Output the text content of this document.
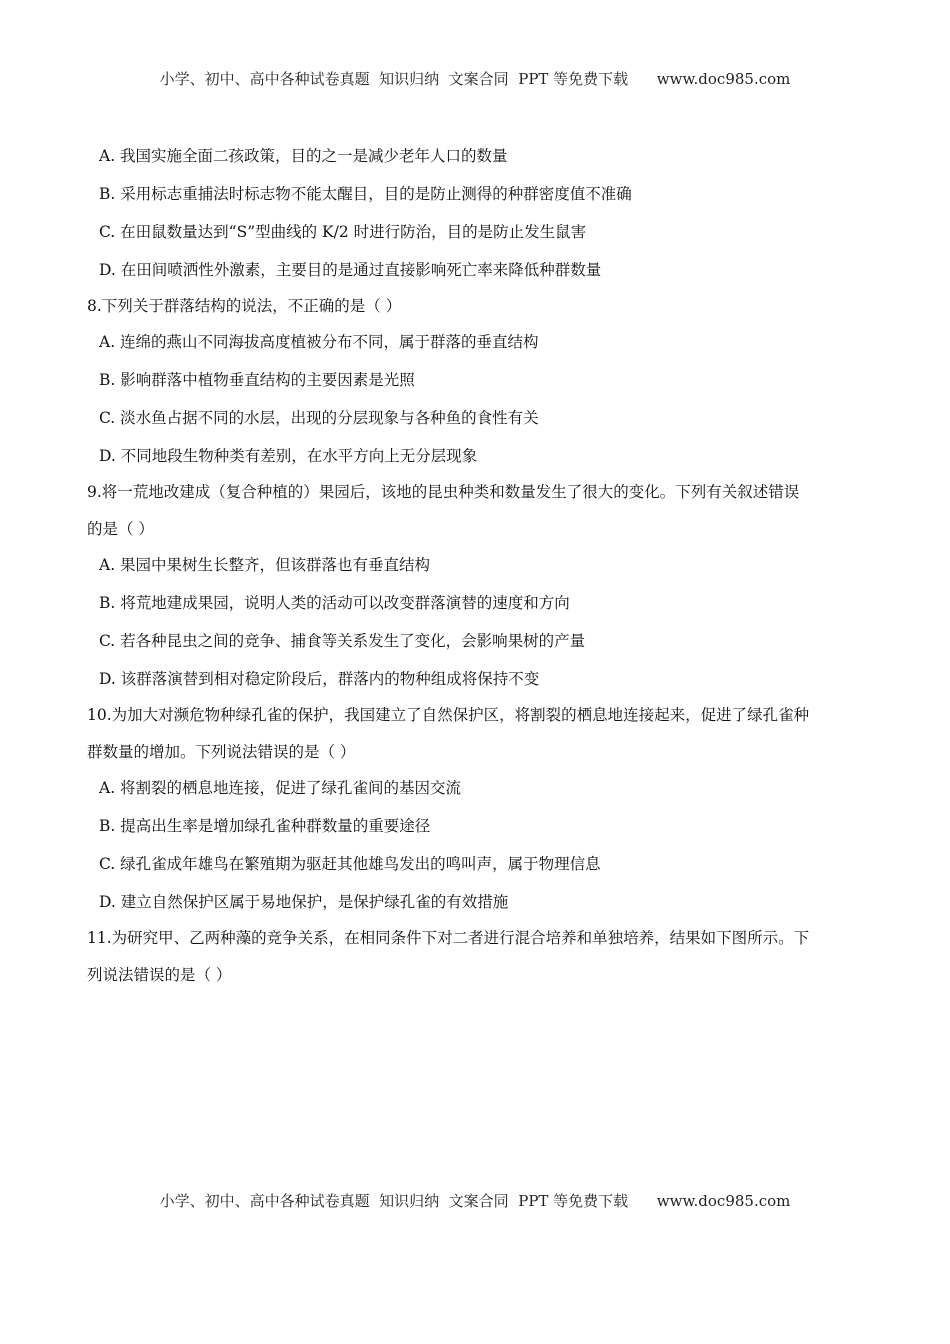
小学、初中、高中各种试卷真题  知识归纳  文案合同  PPT 等免费下载      www.doc985.com
A. 我国实施全面二孩政策，目的之一是减少老年人口的数量
B. 采用标志重捕法时标志物不能太醒目，目的是防止测得的种群密度值不准确
C. 在田鼠数量达到“S”型曲线的 K/2 时进行防治，目的是防止发生鼠害
D. 在田间喷洒性外激素，主要目的是通过直接影响死亡率来降低种群数量
8.下列关于群落结构的说法，不正确的是（ ）
A. 连绵的燕山不同海拔高度植被分布不同，属于群落的垂直结构
B. 影响群落中植物垂直结构的主要因素是光照
C. 淡水鱼占据不同的水层，出现的分层现象与各种鱼的食性有关
D. 不同地段生物种类有差别，在水平方向上无分层现象
9.将一荒地改建成（复合种植的）果园后，该地的昆虫种类和数量发生了很大的变化。下列有关叙述错误
的是（ ）
A. 果园中果树生长整齐，但该群落也有垂直结构
B. 将荒地建成果园，说明人类的活动可以改变群落演替的速度和方向
C. 若各种昆虫之间的竞争、捕食等关系发生了变化，会影响果树的产量
D. 该群落演替到相对稳定阶段后，群落内的物种组成将保持不变
10.为加大对濒危物种绿孔雀的保护，我国建立了自然保护区，将割裂的栖息地连接起来，促进了绿孔雀种
群数量的增加。下列说法错误的是（ ）
A. 将割裂的栖息地连接，促进了绿孔雀间的基因交流
B. 提高出生率是增加绿孔雀种群数量的重要途径
C. 绿孔雀成年雄鸟在繁殖期为驱赶其他雄鸟发出的鸣叫声，属于物理信息
D. 建立自然保护区属于易地保护，是保护绿孔雀的有效措施
11.为研究甲、乙两种藻的竞争关系，在相同条件下对二者进行混合培养和单独培养，结果如下图所示。下
列说法错误的是（ ）
小学、初中、高中各种试卷真题  知识归纳  文案合同  PPT 等免费下载      www.doc985.com
